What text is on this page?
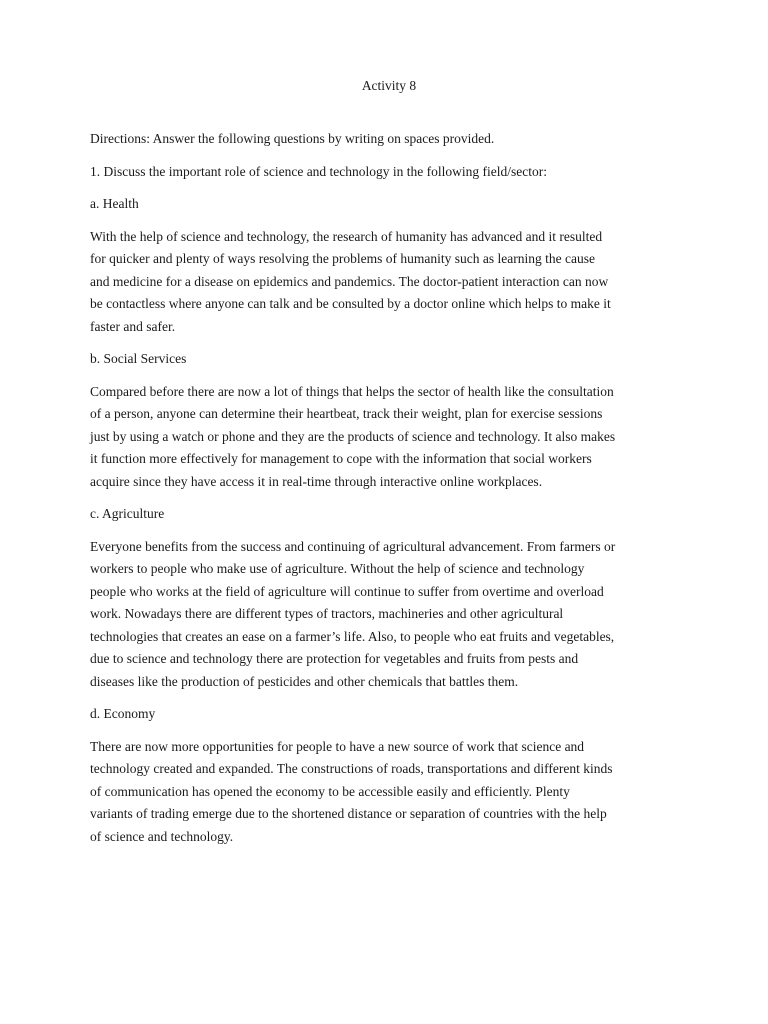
Activity 8
Directions: Answer the following questions by writing on spaces provided.
1. Discuss the important role of science and technology in the following field/sector:
a. Health
With the help of science and technology, the research of humanity has advanced and it resulted
for quicker and plenty of ways resolving the problems of humanity such as learning the cause
and medicine for a disease on epidemics and pandemics. The doctor-patient interaction can now
be contactless where anyone can talk and be consulted by a doctor online which helps to make it
faster and safer.
b. Social Services
Compared before there are now a lot of things that helps the sector of health like the consultation
of a person, anyone can determine their heartbeat, track their weight, plan for exercise sessions
just by using a watch or phone and they are the products of science and technology. It also makes
it function more effectively for management to cope with the information that social workers
acquire since they have access it in real-time through interactive online workplaces.
c. Agriculture
Everyone benefits from the success and continuing of agricultural advancement. From farmers or
workers to people who make use of agriculture. Without the help of science and technology
people who works at the field of agriculture will continue to suffer from overtime and overload
work. Nowadays there are different types of tractors, machineries and other agricultural
technologies that creates an ease on a farmer’s life. Also, to people who eat fruits and vegetables,
due to science and technology there are protection for vegetables and fruits from pests and
diseases like the production of pesticides and other chemicals that battles them.
d. Economy
There are now more opportunities for people to have a new source of work that science and
technology created and expanded. The constructions of roads, transportations and different kinds
of communication has opened the economy to be accessible easily and efficiently. Plenty
variants of trading emerge due to the shortened distance or separation of countries with the help
of science and technology.
